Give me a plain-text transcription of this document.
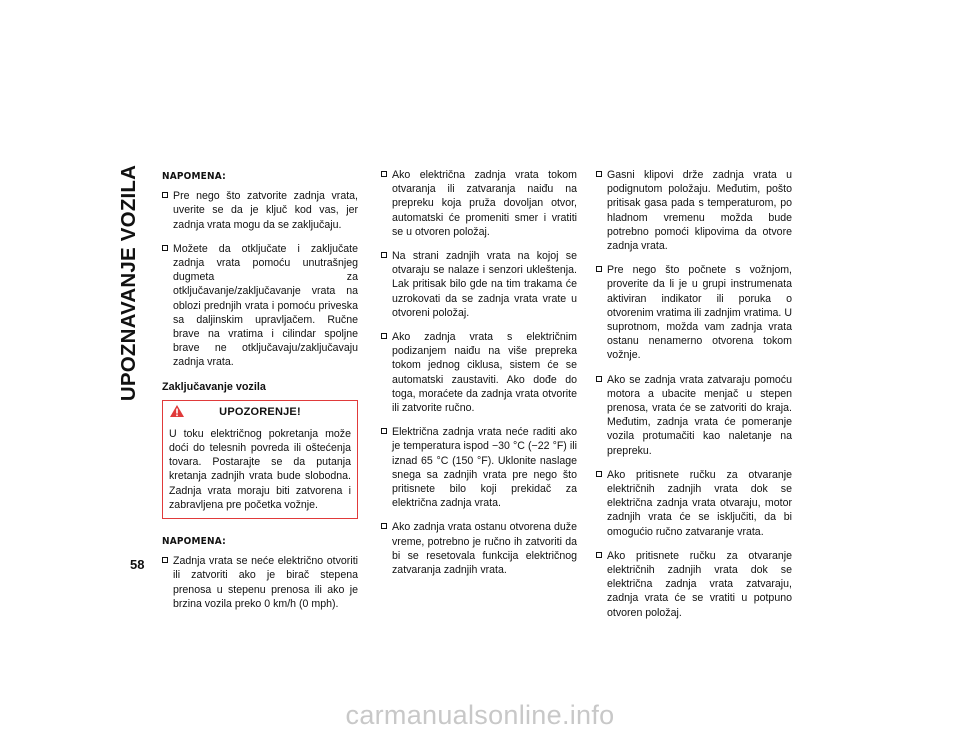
UPOZNAVANJE VOZILA
58
NAPOMENA:
Pre nego što zatvorite zadnja vrata, uverite se da je ključ kod vas, jer zadnja vrata mogu da se zaključaju.
Možete da otključate i zaključate zadnja vrata pomoću unutrašnjeg dugmeta za otključavanje/zaključavanje vrata na oblozi prednjih vrata i pomoću priveska sa daljinskim upravljačem. Ručne brave na vratima i cilindar spoljne brave ne otključavaju/zaključavaju zadnja vrata.
Zaključavanje vozila
UPOZORENJE!
U toku električnog pokretanja može doći do telesnih povreda ili oštećenja tovara. Postarajte se da putanja kretanja zadnjih vrata bude slobodna. Zadnja vrata moraju biti zatvorena i zabravljena pre početka vožnje.
NAPOMENA:
Zadnja vrata se neće električno otvoriti ili zatvoriti ako je birač stepena prenosa u stepenu prenosa ili ako je brzina vozila preko 0 km/h (0 mph).
Ako električna zadnja vrata tokom otvaranja ili zatvaranja naiđu na prepreku koja pruža dovoljan otvor, automatski će promeniti smer i vratiti se u otvoren položaj.
Na strani zadnjih vrata na kojoj se otvaraju se nalaze i senzori ukleštenja. Lak pritisak bilo gde na tim trakama će uzrokovati da se zadnja vrata vrate u otvoreni položaj.
Ako zadnja vrata s električnim podizanjem naiđu na više prepreka tokom jednog ciklusa, sistem će se automatski zaustaviti. Ako dođe do toga, moraćete da zadnja vrata otvorite ili zatvorite ručno.
Električna zadnja vrata neće raditi ako je temperatura ispod −30 °C (−22 °F) ili iznad 65 °C (150 °F). Uklonite naslage snega sa zadnjih vrata pre nego što pritisnete bilo koji prekidač za električna zadnja vrata.
Ako zadnja vrata ostanu otvorena duže vreme, potrebno je ručno ih zatvoriti da bi se resetovala funkcija električnog zatvaranja zadnjih vrata.
Gasni klipovi drže zadnja vrata u podignutom položaju. Međutim, pošto pritisak gasa pada s temperaturom, po hladnom vremenu možda bude potrebno pomoći klipovima da otvore zadnja vrata.
Pre nego što počnete s vožnjom, proverite da li je u grupi instrumenata aktiviran indikator ili poruka o otvorenim vratima ili zadnjim vratima. U suprotnom, možda vam zadnja vrata ostanu nenamerno otvorena tokom vožnje.
Ako se zadnja vrata zatvaraju pomoću motora a ubacite menjač u stepen prenosa, vrata će se zatvoriti do kraja. Međutim, zadnja vrata će pomeranje vozila protumačiti kao naletanje na prepreku.
Ako pritisnete ručku za otvaranje električnih zadnjih vrata dok se električna zadnja vrata otvaraju, motor zadnjih vrata će se isključiti, da bi omogućio ručno zatvaranje vrata.
Ako pritisnete ručku za otvaranje električnih zadnjih vrata dok se električna zadnja vrata zatvaraju, zadnja vrata će se vratiti u potpuno otvoren položaj.
carmanualsonline.info
